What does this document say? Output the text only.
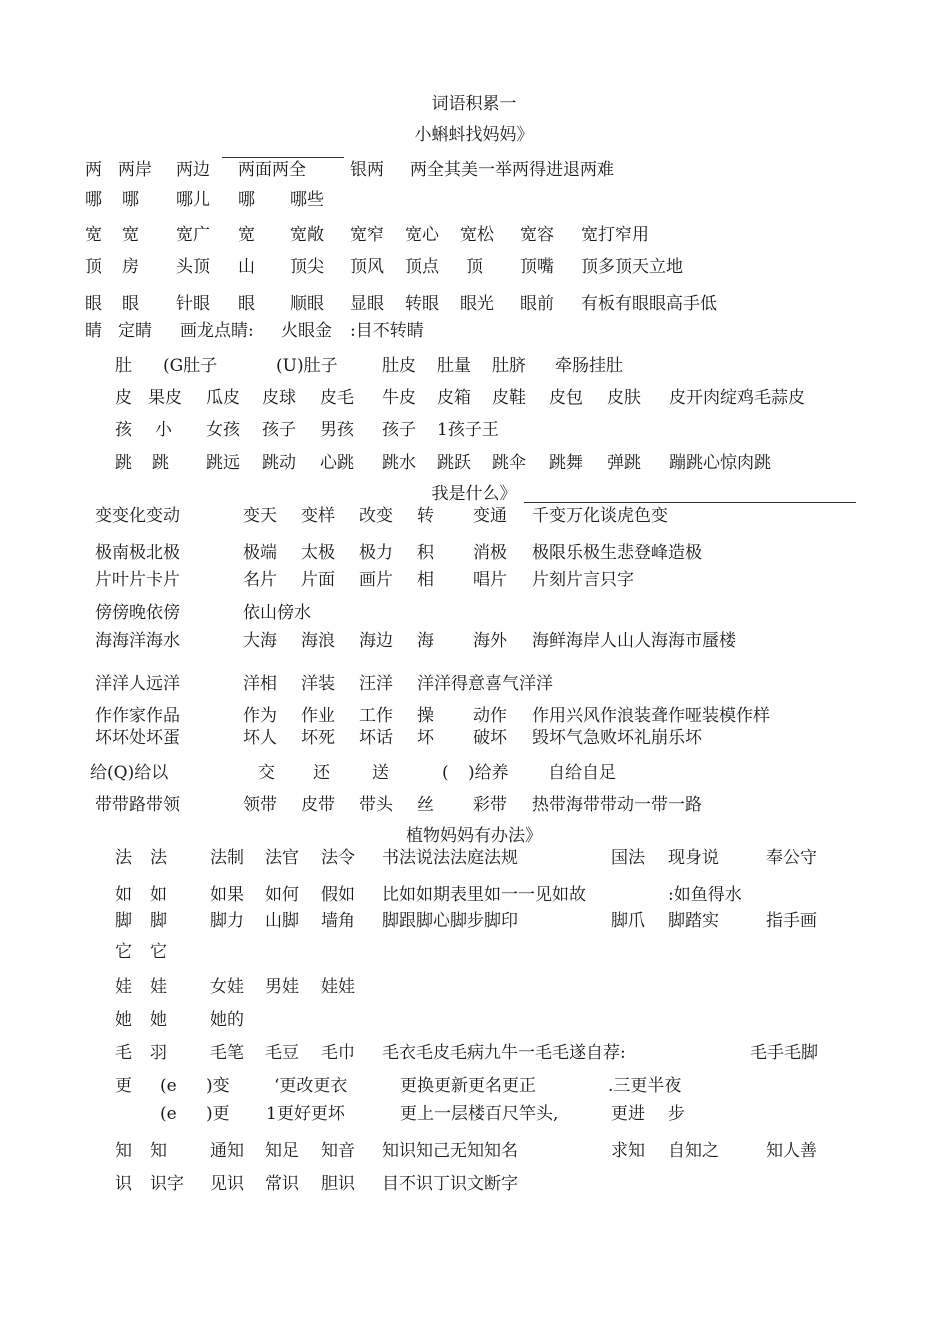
词语积累一
小蝌蚪找妈妈》
两 两岸 两边 两面两全	银两 两全其美一举两得进退两难
哪 哪 哪儿 哪 哪些
宽 宽 宽广 宽 宽敞 宽窄 宽心 宽松 宽容 宽打窄用
顶 房 头顶 山 顶尖 顶风 顶点 顶 顶嘴 顶多顶天立地
眼 眼 针眼 眼 顺眼 显眼 转眼 眼光 眼前 有板有眼眼高手低
睛 定睛 画龙点睛: 火眼金 :目不转睛
肚 (G肚子	(U)肚子	肚皮 肚量 肚脐 牵肠挂肚
皮 果皮 瓜皮 皮球 皮毛 牛皮 皮箱 皮鞋 皮包 皮肤 皮开肉绽鸡毛蒜皮
孩 小 女孩 孩子 男孩 孩子 1孩子王
跳 跳 跳远 跳动 心跳 跳水 跳跃 跳伞 跳舞 弹跳 蹦跳心惊肉跳
我是什么》
变变化变动	变天 变样 改变 转 变通 千变万化谈虎色变
极南极北极	极端 太极 极力 积 消极 极限乐极生悲登峰造极
片叶片卡片	名片 片面 画片 相 唱片 片刻片言只字
傍傍晚依傍	依山傍水
海海洋海水	大海 海浪 海边 海 海外 海鲜海岸人山人海海市蜃楼
洋洋人远洋	洋相 洋装 汪洋 洋洋得意喜气洋洋
作作家作品	作为 作业 工作 操 动作 作用兴风作浪装聋作哑装模作样
坏坏处坏蛋	坏人 坏死 坏话 坏 破坏 毁坏气急败坏礼崩乐坏
给(Q)给以	交 还 送	( )给养 自给自足
带带路带领	领带 皮带 带头 丝 彩带 热带海带带动一带一路
植物妈妈有办法》
法 法	法制 法官 法令 书法说法法庭法规	国法 现身说	奉公守
如 如	如果 如何 假如 比如如期表里如一一见如故	:如鱼得水
脚 脚	脚力 山脚 墙角 脚跟脚心脚步脚印	脚爪 脚踏实	指手画
它 它
娃 娃	女娃 男娃 娃娃
她 她	她的
毛 羽	毛笔 毛豆 毛巾 毛衣毛皮毛病九牛一毛毛遂自荐:	毛手毛脚
更 (e )变	‘更改更衣	更换更新更名更正	.三更半夜
(e )更 1更好更坏	更上一层楼百尺竿头,	更进 步
知 知	通知 知足 知音 知识知己无知知名	求知 自知之	知人善
识 识字 见识 常识 胆识 目不识丁识文断字
